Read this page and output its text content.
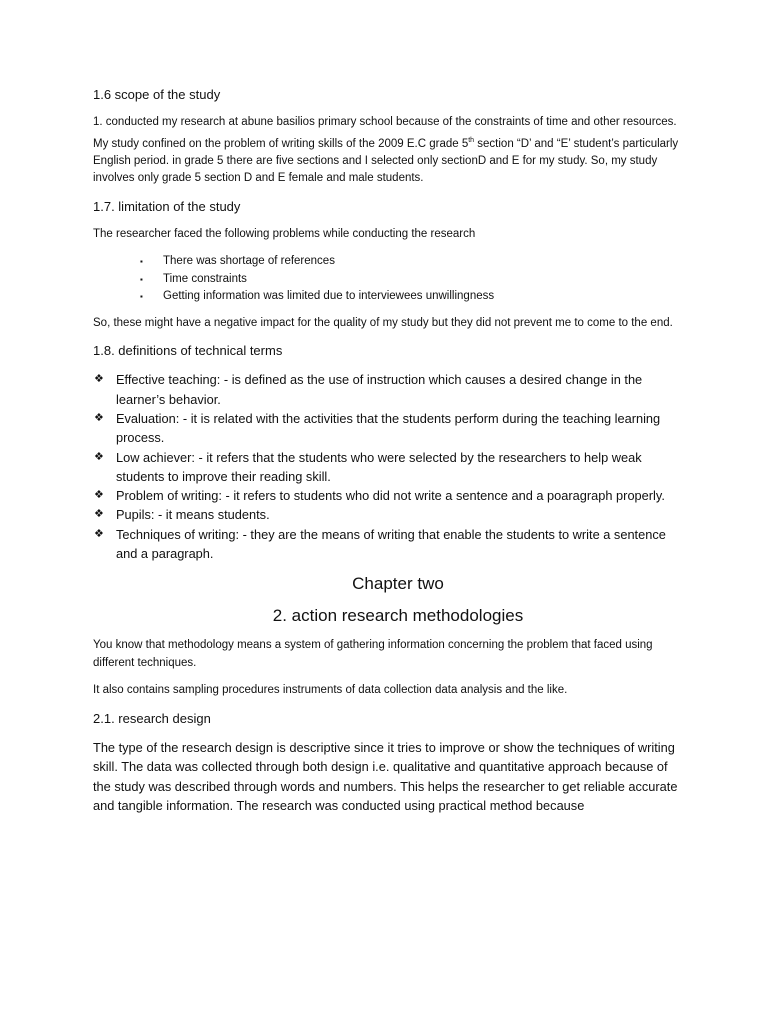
1.6 scope of the study

1. conducted my research at abune basilios primary school because of the constraints of time and other resources. My study confined on the problem of writing skills of the 2009 E.C grade 5th section “D’ and “E’ student’s particularly English period. in grade 5 there are five sections and I selected only sectionD and E for my study. So, my study involves only grade 5 section D and E female and male students.

1.7. limitation of the study

The researcher faced the following problems while conducting the research

▪ There was shortage of references
▪ Time constraints
▪ Getting information was limited due to interviewees unwillingness

So, these might have a negative impact for the quality of my study but they did not prevent me to come to the end.

1.8. definitions of technical terms
❖ Effective teaching: - is defined as the use of instruction which causes a desired change in the learner’s behavior.
❖ Evaluation: - it is related with the activities that the students perform during the teaching learning process.
❖ Low achiever: - it refers that the students who were selected by the researchers to help weak students to improve their reading skill.
❖ Problem of writing: - it refers to students who did not write a sentence and a poaragraph properly.
❖ Pupils: - it means students.
❖ Techniques of writing: - they are the means of writing that enable the students to write a sentence and a paragraph.
Chapter two
2. action research methodologies

You know that methodology means a system of gathering information concerning the problem that faced using different techniques.

It also contains sampling procedures instruments of data collection data analysis and the like.

2.1. research design

The type of the research design is descriptive since it tries to improve or show the techniques of writing skill. The data was collected through both design i.e. qualitative and quantitative approach because of the study was described through words and numbers. This helps the researcher to get reliable accurate and tangible information. The research was conducted using practical method because
